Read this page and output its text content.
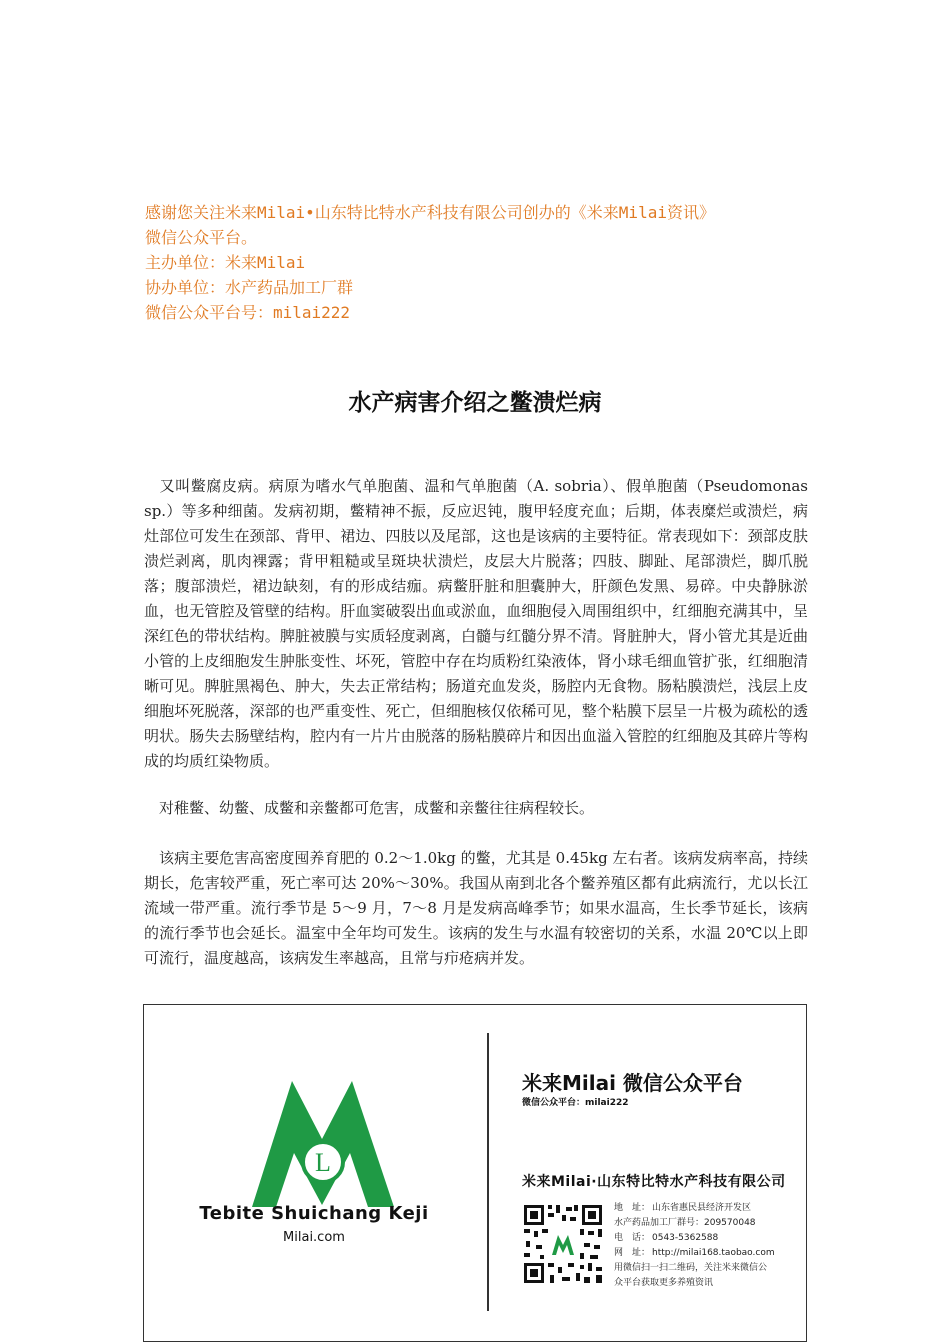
感谢您关注米来Milai•山东特比特水产科技有限公司创办的《米来Milai资讯》
微信公众平台。
主办单位：米来Milai
协办单位：水产药品加工厂群
微信公众平台号：milai222
水产病害介绍之鳖溃烂病
又叫鳖腐皮病。病原为嗜水气单胞菌、温和气单胞菌（A. sobria）、假单胞菌（Pseudomonas sp.）等多种细菌。发病初期，鳖精神不振，反应迟钝，腹甲轻度充血；后期，体表糜烂或溃烂，病灶部位可发生在颈部、背甲、裙边、四肢以及尾部，这也是该病的主要特征。常表现如下：颈部皮肤溃烂剥离，肌肉裸露；背甲粗糙或呈斑块状溃烂，皮层大片脱落；四肢、脚趾、尾部溃烂，脚爪脱落；腹部溃烂，裙边缺刻，有的形成结痂。病鳖肝脏和胆囊肿大，肝颜色发黑、易碎。中央静脉淤血，也无管腔及管壁的结构。肝血窦破裂出血或淤血，血细胞侵入周围组织中，红细胞充满其中，呈深红色的带状结构。脾脏被膜与实质轻度剥离，白髓与红髓分界不清。肾脏肿大，肾小管尤其是近曲小管的上皮细胞发生肿胀变性、坏死，管腔中存在均质粉红染液体，肾小球毛细血管扩张，红细胞清晰可见。脾脏黑褐色、肿大，失去正常结构；肠道充血发炎，肠腔内无食物。肠粘膜溃烂，浅层上皮细胞坏死脱落，深部的也严重变性、死亡，但细胞核仅依稀可见，整个粘膜下层呈一片极为疏松的透明状。肠失去肠壁结构，腔内有一片片由脱落的肠粘膜碎片和因出血溢入管腔的红细胞及其碎片等构成的均质红染物质。
对稚鳖、幼鳖、成鳖和亲鳖都可危害，成鳖和亲鳖往往病程较长。
该病主要危害高密度囤养育肥的 0.2～1.0kg 的鳖，尤其是 0.45kg 左右者。该病发病率高，持续期长，危害较严重，死亡率可达 20%～30%。我国从南到北各个鳖养殖区都有此病流行，尤以长江流域一带严重。流行季节是 5～9 月，7～8 月是发病高峰季节；如果水温高，生长季节延长，该病的流行季节也会延长。温室中全年均可发生。该病的发生与水温有较密切的关系，水温 20℃以上即可流行，温度越高，该病发生率越高，且常与疖疮病并发。
L
Tebite Shuichang Keji
Milai.com
米来Milai 微信公众平台
微信公众平台：milai222
米来Milai·山东特比特水产科技有限公司
地　址： 山东省惠民县经济开发区
水产药品加工厂群号：209570048
电　话： 0543-5362588
网　址： http://milai168.taobao.com
用微信扫一扫二维码，关注米来微信公
众平台获取更多养殖资讯
